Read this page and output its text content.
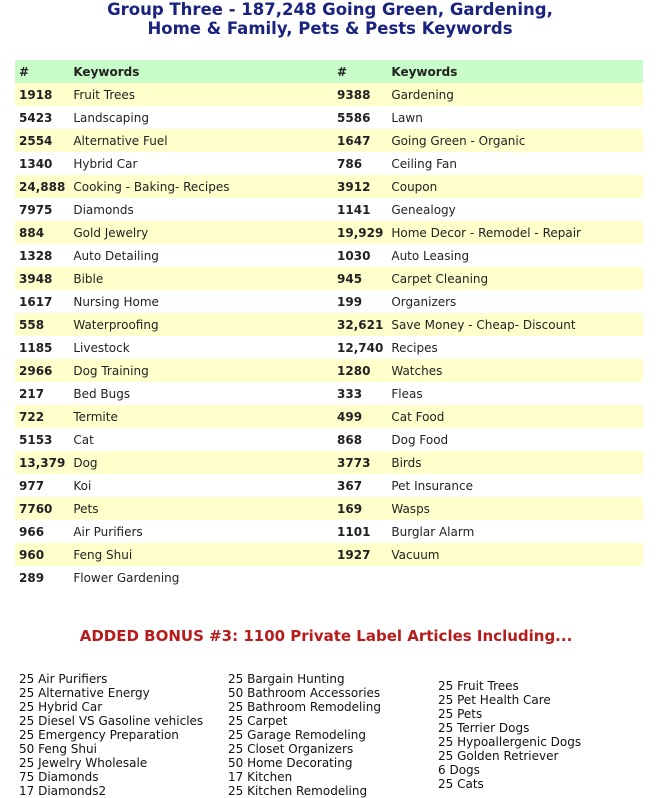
Group Three - 187,248 Going Green, Gardening,
Home & Family, Pets & Pests Keywords
#	Keywords	#	Keywords
1918	Fruit Trees	9388	Gardening
5423	Landscaping	5586	Lawn
2554	Alternative Fuel	1647	Going Green - Organic
1340	Hybrid Car	786	Ceiling Fan
24,888	Cooking - Baking- Recipes	3912	Coupon
7975	Diamonds	1141	Genealogy
884	Gold Jewelry	19,929	Home Decor - Remodel - Repair
1328	Auto Detailing	1030	Auto Leasing
3948	Bible	945	Carpet Cleaning
1617	Nursing Home	199	Organizers
558	Waterproofing	32,621	Save Money - Cheap- Discount
1185	Livestock	12,740	Recipes
2966	Dog Training	1280	Watches
217	Bed Bugs	333	Fleas
722	Termite	499	Cat Food
5153	Cat	868	Dog Food
13,379	Dog	3773	Birds
977	Koi	367	Pet Insurance
7760	Pets	169	Wasps
966	Air Purifiers	1101	Burglar Alarm
960	Feng Shui	1927	Vacuum
289	Flower Gardening		
ADDED BONUS #3: 1100 Private Label Articles Including...
25 Air Purifiers
25 Alternative Energy
25 Hybrid Car
25 Diesel VS Gasoline vehicles
25 Emergency Preparation
50 Feng Shui
25 Jewelry Wholesale
75 Diamonds
17 Diamonds2
25 Bargain Hunting
50 Bathroom Accessories
25 Bathroom Remodeling
25 Carpet
25 Garage Remodeling
25 Closet Organizers
50 Home Decorating
17 Kitchen
25 Kitchen Remodeling
25 Fruit Trees
25 Pet Health Care
25 Pets
25 Terrier Dogs
25 Hypoallergenic Dogs
25 Golden Retriever
6 Dogs
25 Cats
